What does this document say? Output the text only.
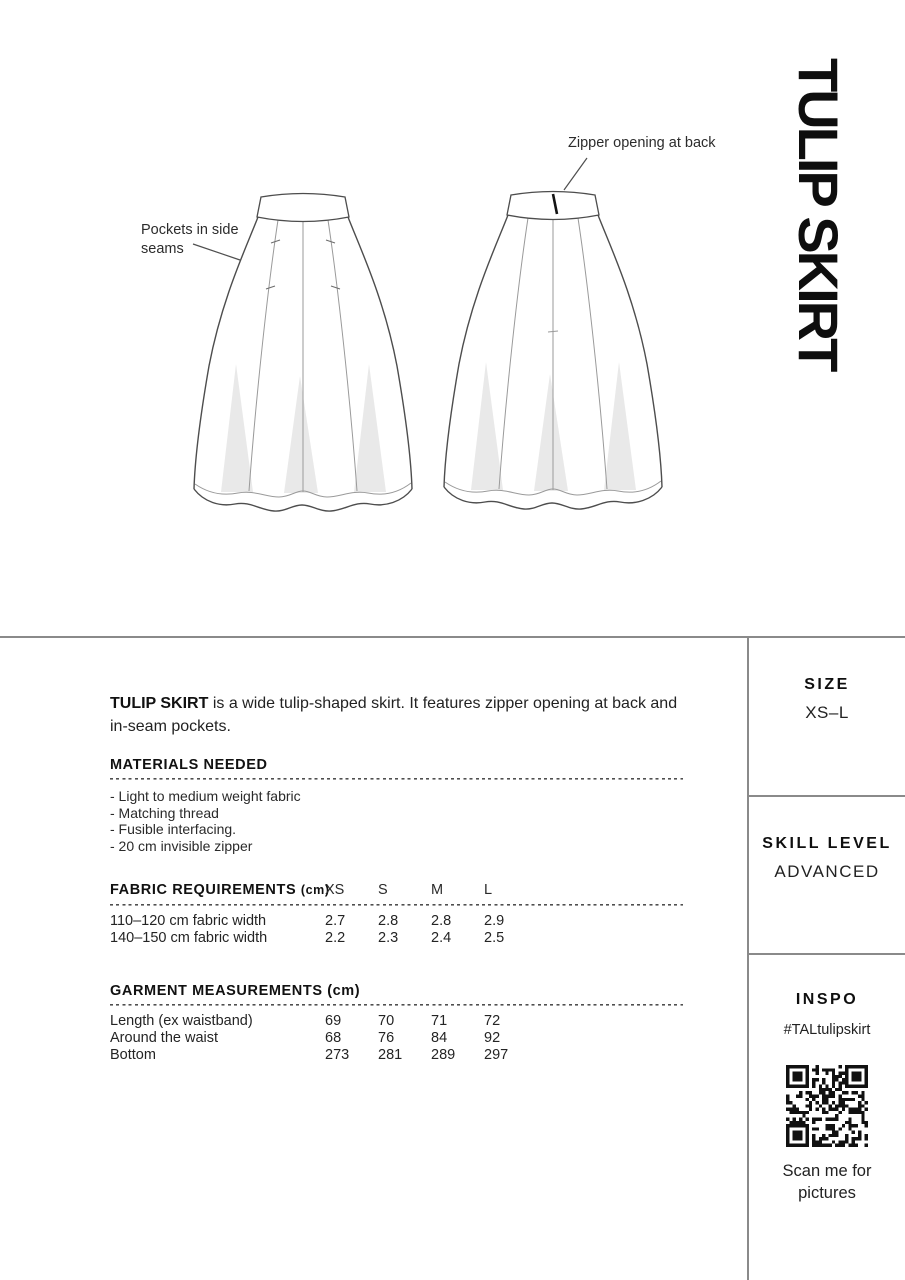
Pockets in side seams
Zipper opening at back TULIP SKIRT

TULIP SKIRT is a wide tulip-shaped skirt. It features zipper opening at back and in-seam pockets.

MATERIALS NEEDED
- Light to medium weight fabric
- Matching thread
- Fusible interfacing.
- 20 cm invisible zipper
FABRIC REQUIREMENTS (cm)
XS	S	M	L
110–120 cm fabric width	2.7	2.8	2.8	2.9
140–150 cm fabric width	2.2	2.3	2.4	2.5
GARMENT MEASUREMENTS (cm)
Length (ex waistband)	69	70	71	72
Around the waist	68	76	84	92
Bottom	273	281	289	297
SIZE
XS–L
SKILL LEVEL
ADVANCED
INSPO
#TALtulipskirt
Scan me for pictures
